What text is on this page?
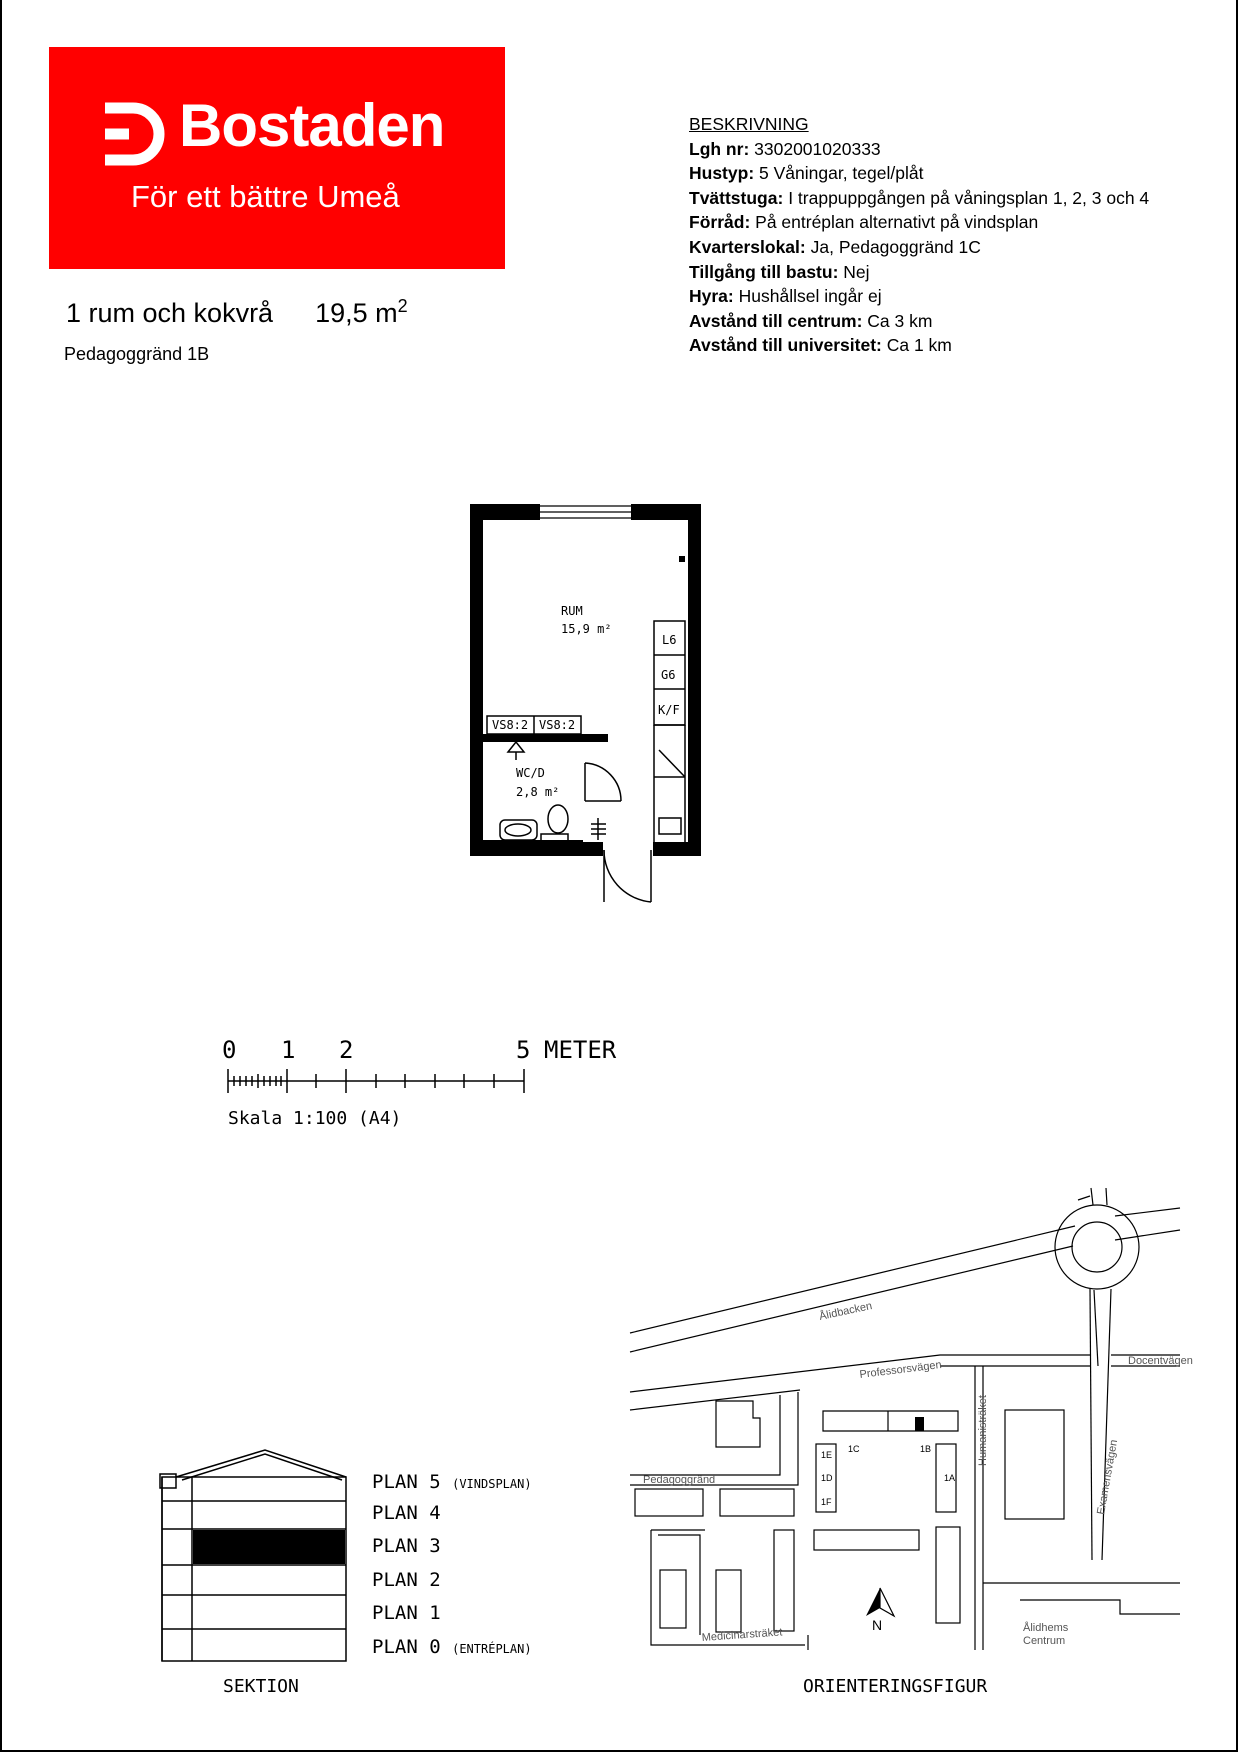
Bostaden
För ett bättre Umeå
1 rum och kokvrå 19,5 $m^2$
Pedagoggränd 1B
BESKRIVNING
Lgh nr: 3302001020333
Hustyp: 5 Våningar, tegel/plåt
Tvättstuga: I trappuppgången på våningsplan 1, 2, 3 och 4
Förråd: På entréplan alternativt på vindsplan
Kvarterslokal: Ja, Pedagoggränd 1C
Tillgång till bastu: Nej
Hyra: Hushållsel ingår ej
Avstånd till centrum: Ca 3 km
Avstånd till universitet: Ca 1 km
RUM
15,9 m²
WC/D
2,8 m²
L6
G6
K/F
VS8:2 VS8:2
0 1 2	5 METER
Skala 1:100 (A4)
PLAN 5 (VINDSPLAN)
PLAN 4
PLAN 3
PLAN 2
PLAN 1
PLAN 0 (ENTRÉPLAN)
SEKTION
N
Ålidbacken
Professorsvägen	Docentvägen
Pedagoggränd
Humanisträket
Examensvägen
Medicinarsträket	Ålidhems
Centrum
1C	1B
1E
1D
1F
1A
ORIENTERINGSFIGUR
